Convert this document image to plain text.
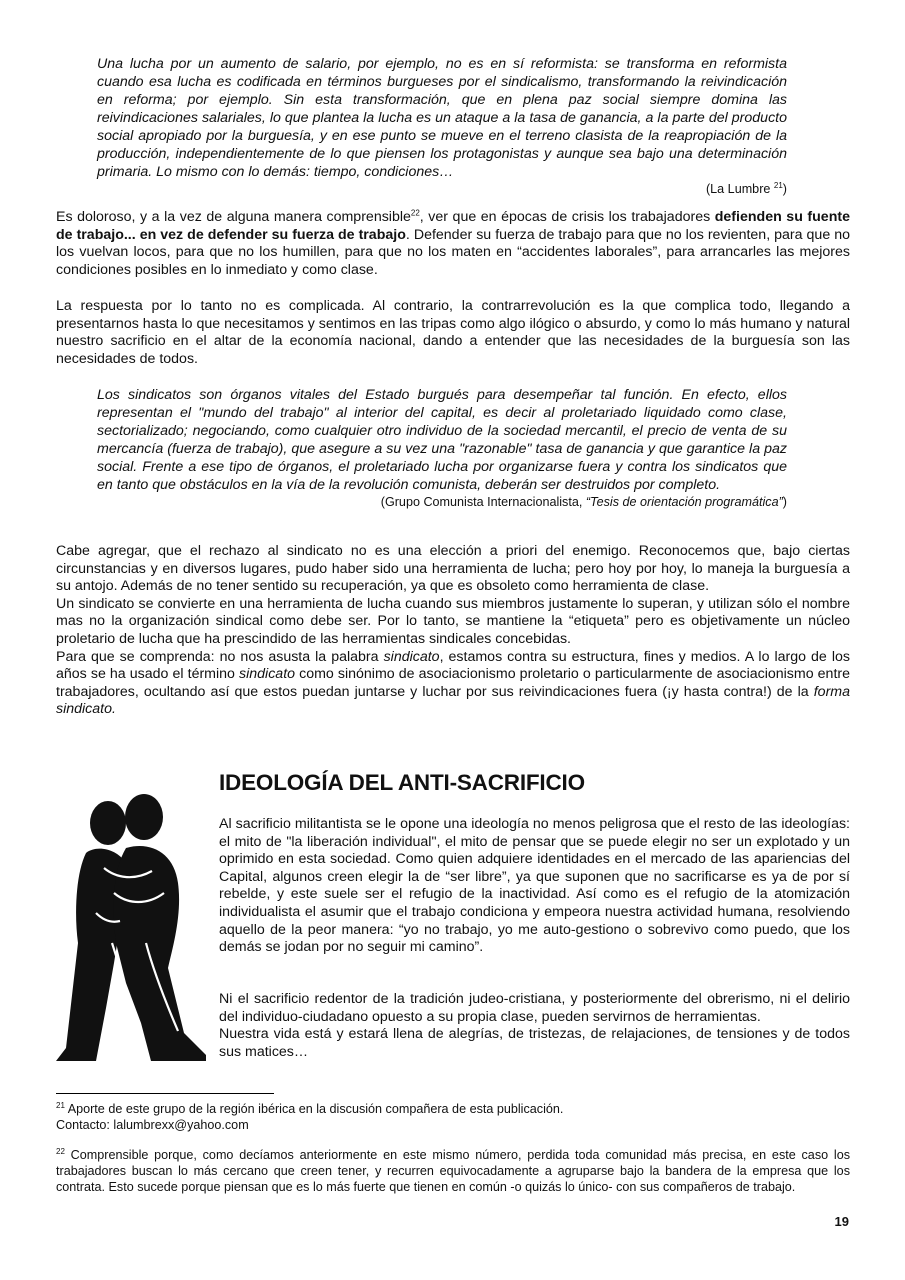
Una lucha por un aumento de salario, por ejemplo, no es en sí reformista: se transforma en reformista cuando esa lucha es codificada en términos burgueses por el sindicalismo, transformando la reivindicación en reforma; por ejemplo. Sin esta transformación, que en plena paz social siempre domina las reivindicaciones salariales, lo que plantea la lucha es un ataque a la tasa de ganancia, a la parte del producto social apropiado por la burguesía, y en ese punto se mueve en el terreno clasista de la reapropiación de la producción, independientemente de lo que piensen los protagonistas y aunque sea bajo una determinación primaria. Lo mismo con lo demás: tiempo, condiciones…
(La Lumbre $^{21}$)

Es doloroso, y a la vez de alguna manera comprensible$^{22}$, ver que en épocas de crisis los trabajadores defienden su fuente de trabajo... en vez de defender su fuerza de trabajo. Defender su fuerza de trabajo para que no los revienten, para que no los vuelvan locos, para que no los humillen, para que no los maten en “accidentes laborales”, para arrancarles las mejores condiciones posibles en lo inmediato y como clase.

La respuesta por lo tanto no es complicada. Al contrario, la contrarrevolución es la que complica todo, llegando a presentarnos hasta lo que necesitamos y sentimos en las tripas como algo ilógico o absurdo, y como lo más humano y natural nuestro sacrificio en el altar de la economía nacional, dando a entender que las necesidades de la burguesía son las necesidades de todos.

Los sindicatos son órganos vitales del Estado burgués para desempeñar tal función. En efecto, ellos representan el "mundo del trabajo" al interior del capital, es decir al proletariado liquidado como clase, sectorializado; negociando, como cualquier otro individuo de la sociedad mercantil, el precio de venta de su mercancía (fuerza de trabajo), que asegure a su vez una "razonable" tasa de ganancia y que garantice la paz social. Frente a ese tipo de órganos, el proletariado lucha por organizarse fuera y contra los sindicatos que en tanto que obstáculos en la vía de la revolución comunista, deberán ser destruidos por completo.
(Grupo Comunista Internacionalista, “Tesis de orientación programática”)
Cabe agregar, que el rechazo al sindicato no es una elección a priori del enemigo. Reconocemos que, bajo ciertas circunstancias y en diversos lugares, pudo haber sido una herramienta de lucha; pero hoy por hoy, lo maneja la burguesía a su antojo. Además de no tener sentido su recuperación, ya que es obsoleto como herramienta de clase.
Un sindicato se convierte en una herramienta de lucha cuando sus miembros justamente lo superan, y utilizan sólo el nombre mas no la organización sindical como debe ser. Por lo tanto, se mantiene la “etiqueta” pero es objetivamente un núcleo proletario de lucha que ha prescindido de las herramientas sindicales concebidas.
Para que se comprenda: no nos asusta la palabra sindicato, estamos contra su estructura, fines y medios. A lo largo de los años se ha usado el término sindicato como sinónimo de asociacionismo proletario o particularmente de asociacionismo entre trabajadores, ocultando así que estos puedan juntarse y luchar por sus reivindicaciones fuera (¡y hasta contra!) de la forma sindicato.
IDEOLOGÍA DEL ANTI-SACRIFICIO

Al sacrificio militantista se le opone una ideología no menos peligrosa que el resto de las ideologías: el mito de "la liberación individual", el mito de pensar que se puede elegir no ser un explotado y un oprimido en esta sociedad. Como quien adquiere identidades en el mercado de las apariencias del Capital, algunos creen elegir la de “ser libre”, ya que suponen que no sacrificarse es ya de por sí rebelde, y este suele ser el refugio de la inactividad. Así como es el refugio de la atomización individualista el asumir que el trabajo condiciona y empeora nuestra actividad humana, resolviendo aquello de la peor manera: “yo no trabajo, yo me auto-gestiono o sobrevivo como puedo, que los demás se jodan por no seguir mi camino”.

Ni el sacrificio redentor de la tradición judeo-cristiana, y posteriormente del obrerismo, ni el delirio del individuo-ciudadano opuesto a su propia clase, pueden servirnos de herramientas.
Nuestra vida está y estará llena de alegrías, de tristezas, de relajaciones, de tensiones y de todos sus matices…
$^{21}$ Aporte de este grupo de la región ibérica en la discusión compañera de esta publicación.
Contacto: lalumbrexx@yahoo.com
$^{22}$ Comprensible porque, como decíamos anteriormente en este mismo número, perdida toda comunidad más precisa, en este caso los trabajadores buscan lo más cercano que creen tener, y recurren equivocadamente a agruparse bajo la bandera de la empresa que los contrata. Esto sucede porque piensan que es lo más fuerte que tienen en común -o quizás lo único- con sus compañeros de trabajo.
19
